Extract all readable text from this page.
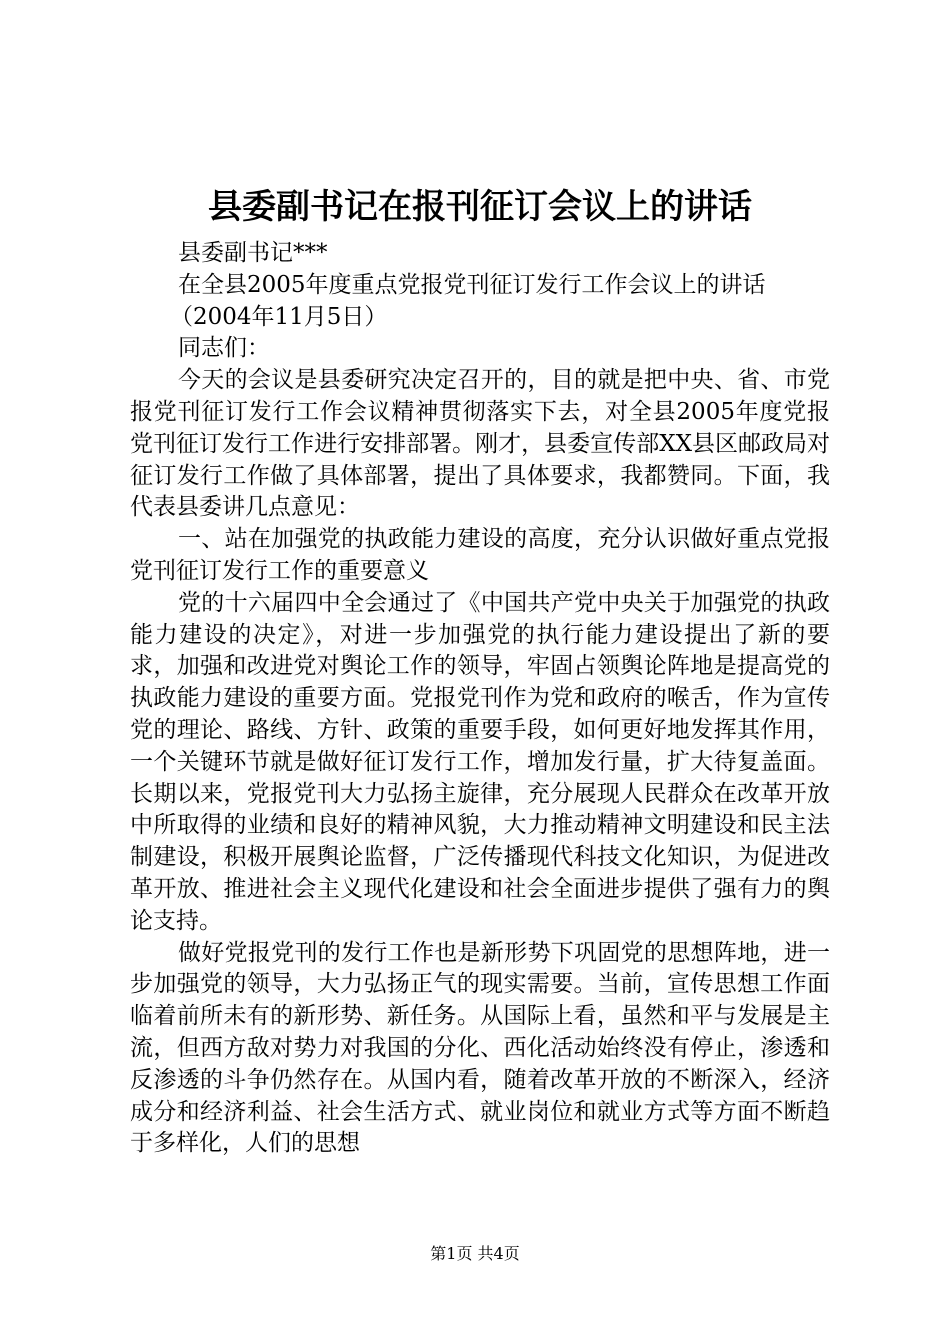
县委副书记在报刊征订会议上的讲话

县委副书记***

在全县2005年度重点党报党刊征订发行工作会议上的讲话

（2004年11月5日）

同志们：

今天的会议是县委研究决定召开的，目的就是把中央、省、市党报党刊征订发行工作会议精神贯彻落实下去，对全县2005年度党报党刊征订发行工作进行安排部署。刚才，县委宣传部XX县区邮政局对征订发行工作做了具体部署，提出了具体要求，我都赞同。下面，我代表县委讲几点意见：

一、站在加强党的执政能力建设的高度，充分认识做好重点党报党刊征订发行工作的重要意义

党的十六届四中全会通过了《中国共产党中央关于加强党的执政能力建设的决定》，对进一步加强党的执行能力建设提出了新的要求，加强和改进党对舆论工作的领导，牢固占领舆论阵地是提高党的执政能力建设的重要方面。党报党刊作为党和政府的喉舌，作为宣传党的理论、路线、方针、政策的重要手段，如何更好地发挥其作用，一个关键环节就是做好征订发行工作，增加发行量，扩大待复盖面。长期以来，党报党刊大力弘扬主旋律，充分展现人民群众在改革开放中所取得的业绩和良好的精神风貌，大力推动精神文明建设和民主法制建设，积极开展舆论监督，广泛传播现代科技文化知识，为促进改革开放、推进社会主义现代化建设和社会全面进步提供了强有力的舆论支持。

做好党报党刊的发行工作也是新形势下巩固党的思想阵地，进一步加强党的领导，大力弘扬正气的现实需要。当前，宣传思想工作面临着前所未有的新形势、新任务。从国际上看，虽然和平与发展是主流，但西方敌对势力对我国的分化、西化活动始终没有停止，渗透和反渗透的斗争仍然存在。从国内看，随着改革开放的不断深入，经济成分和经济利益、社会生活方式、就业岗位和就业方式等方面不断趋于多样化，人们的思想

第1页 共4页
